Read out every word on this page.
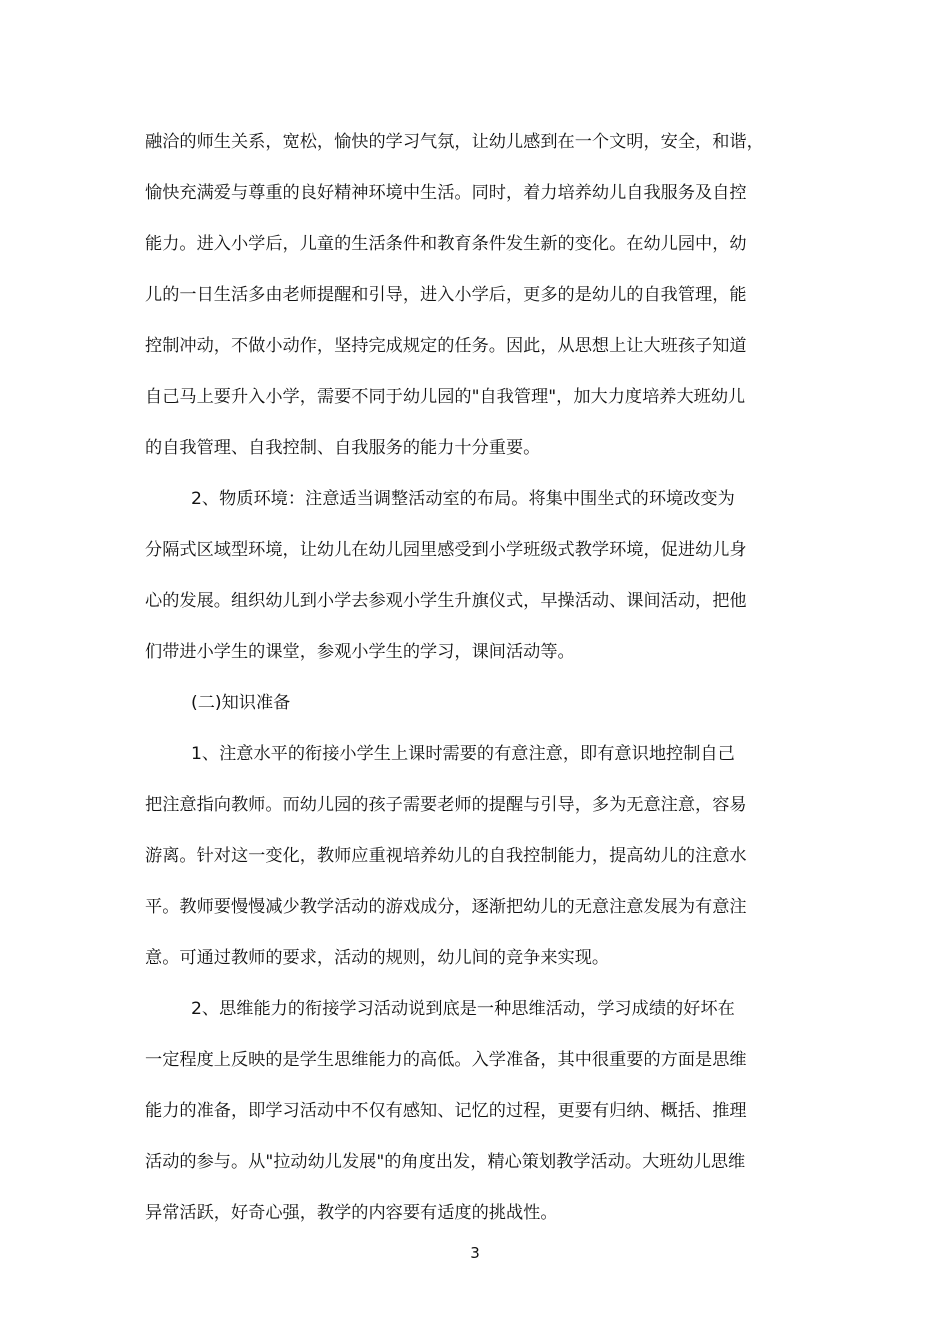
融洽的师生关系，宽松，愉快的学习气氛，让幼儿感到在一个文明，安全，和谐，
愉快充满爱与尊重的良好精神环境中生活。同时，着力培养幼儿自我服务及自控
能力。进入小学后，儿童的生活条件和教育条件发生新的变化。在幼儿园中，幼
儿的一日生活多由老师提醒和引导，进入小学后，更多的是幼儿的自我管理，能
控制冲动，不做小动作，坚持完成规定的任务。因此，从思想上让大班孩子知道
自己马上要升入小学，需要不同于幼儿园的"自我管理"，加大力度培养大班幼儿
的自我管理、自我控制、自我服务的能力十分重要。
2、物质环境：注意适当调整活动室的布局。将集中围坐式的环境改变为
分隔式区域型环境，让幼儿在幼儿园里感受到小学班级式教学环境，促进幼儿身
心的发展。组织幼儿到小学去参观小学生升旗仪式，早操活动、课间活动，把他
们带进小学生的课堂，参观小学生的学习，课间活动等。
(二)知识准备
1、注意水平的衔接小学生上课时需要的有意注意，即有意识地控制自己
把注意指向教师。而幼儿园的孩子需要老师的提醒与引导，多为无意注意，容易
游离。针对这一变化，教师应重视培养幼儿的自我控制能力，提高幼儿的注意水
平。教师要慢慢减少教学活动的游戏成分，逐渐把幼儿的无意注意发展为有意注
意。可通过教师的要求，活动的规则，幼儿间的竞争来实现。
2、思维能力的衔接学习活动说到底是一种思维活动，学习成绩的好坏在
一定程度上反映的是学生思维能力的高低。入学准备，其中很重要的方面是思维
能力的准备，即学习活动中不仅有感知、记忆的过程，更要有归纳、概括、推理
活动的参与。从"拉动幼儿发展"的角度出发，精心策划教学活动。大班幼儿思维
异常活跃，好奇心强，教学的内容要有适度的挑战性。
3
